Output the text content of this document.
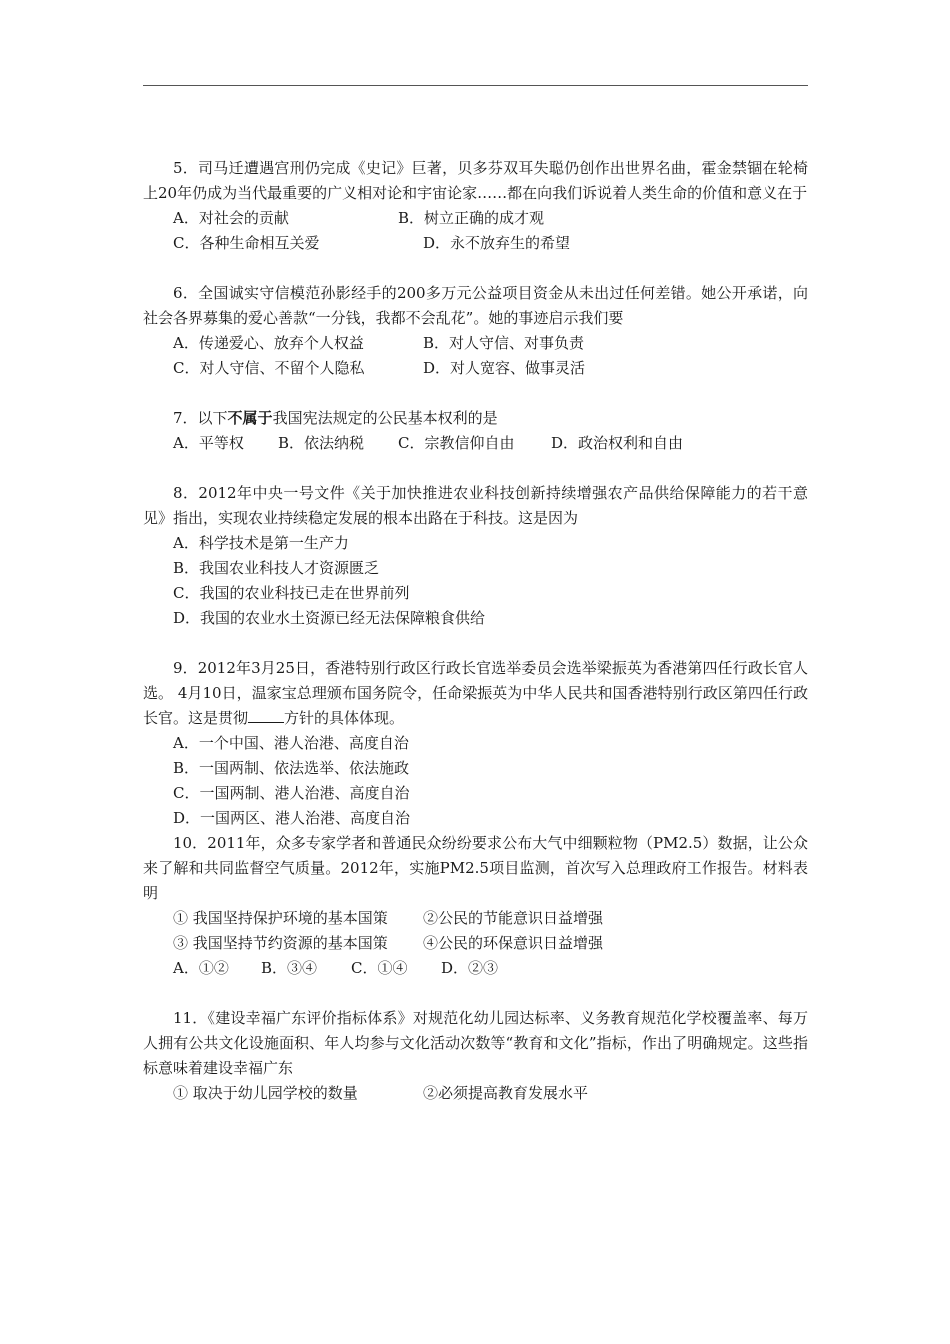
5．司马迁遭遇宫刑仍完成《史记》巨著，贝多芬双耳失聪仍创作出世界名曲，霍金禁锢在轮椅上20年仍成为当代最重要的广义相对论和宇宙论家……都在向我们诉说着人类生命的价值和意义在于

A．对社会的贡献	B．树立正确的成才观

C．各种生命相互关爱	D．永不放弃生的希望

6．全国诚实守信模范孙影经手的200多万元公益项目资金从未出过任何差错。她公开承诺，向社会各界募集的爱心善款“一分钱，我都不会乱花”。她的事迹启示我们要

A．传递爱心、放弃个人权益	B．对人守信、对事负责

C．对人守信、不留个人隐私	D．对人宽容、做事灵活

7．以下不属于我国宪法规定的公民基本权利的是

A．平等权 B．依法纳税 C．宗教信仰自由 D．政治权利和自由

8．2012年中央一号文件《关于加快推进农业科技创新持续增强农产品供给保障能力的若干意见》指出，实现农业持续稳定发展的根本出路在于科技。这是因为

A．科学技术是第一生产力

B．我国农业科技人才资源匮乏

C．我国的农业科技已走在世界前列

D．我国的农业水土资源已经无法保障粮食供给

9．2012年3月25日，香港特别行政区行政长官选举委员会选举梁振英为香港第四任行政长官人选。 4月10日，温家宝总理颁布国务院令，任命梁振英为中华人民共和国香港特别行政区第四任行政长官。这是贯彻 方针的具体体现。

A．一个中国、港人治港、高度自治

B．一国两制、依法选举、依法施政

C．一国两制、港人治港、高度自治

D．一国两区、港人治港、高度自治

10．2011年，众多专家学者和普通民众纷纷要求公布大气中细颗粒物（PM2.5）数据，让公众来了解和共同监督空气质量。2012年，实施PM2.5项目监测，首次写入总理政府工作报告。材料表明

① 我国坚持保护环境的基本国策 ②公民的节能意识日益增强

③ 我国坚持节约资源的基本国策 ④公民的环保意识日益增强

A．①② B．③④ C．①④ D．②③

11．《建设幸福广东评价指标体系》对规范化幼儿园达标率、义务教育规范化学校覆盖率、每万人拥有公共文化设施面积、年人均参与文化活动次数等“教育和文化”指标，作出了明确规定。这些指标意味着建设幸福广东

① 取决于幼儿园学校的数量	②必须提高教育发展水平
